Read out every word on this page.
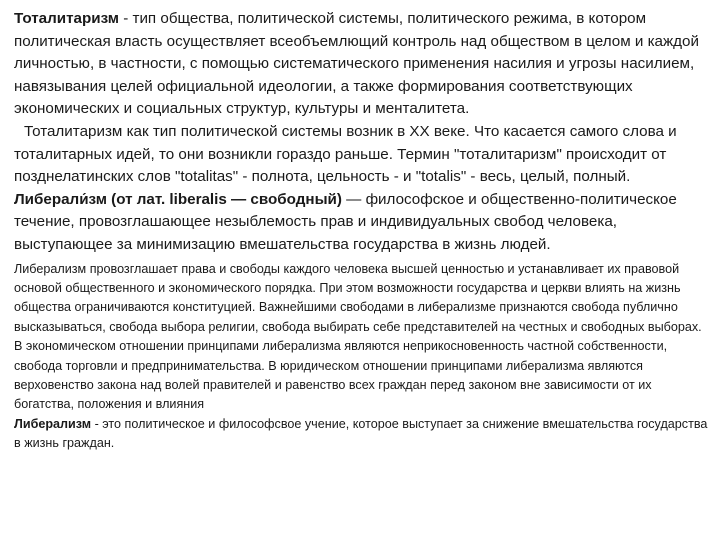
Тоталитаризм - тип общества, политической системы, политического режима, в котором политическая власть осуществляет всеобъемлющий контроль над обществом в целом и каждой личностью, в частности, с помощью систематического применения насилия и угрозы насилием, навязывания целей официальной идеологии, а также формирования соответствующих экономических и социальных структур, культуры и менталитета.

Тоталитаризм как тип политической системы возник в XX веке. Что касается самого слова и тоталитарных идей, то они возникли гораздо раньше. Термин "тоталитаризм" происходит от позднелатинских слов "totalitas" - полнота, цельность - и "totalis" - весь, целый, полный.

Либерали́зм (от лат. liberalis — свободный) — философское и общественно-политическое течение, провозглашающее незыблемость прав и индивидуальных свобод человека, выступающее за минимизацию вмешательства государства в жизнь людей.

Либерализм провозглашает права и свободы каждого человека высшей ценностью и устанавливает их правовой основой общественного и экономического порядка. При этом возможности государства и церкви влиять на жизнь общества ограничиваются конституцией. Важнейшими свободами в либерализме признаются свобода публично высказываться, свобода выбора религии, свобода выбирать себе представителей на честных и свободных выборах. В экономическом отношении принципами либерализма являются неприкосновенность частной собственности, свобода торговли и предпринимательства. В юридическом отношении принципами либерализма являются верховенство закона над волей правителей и равенство всех граждан перед законом вне зависимости от их богатства, положения и влияния
Либерализм - это политическое и философсвое учение, которое выступает за снижение вмешательства государства в жизнь граждан.
